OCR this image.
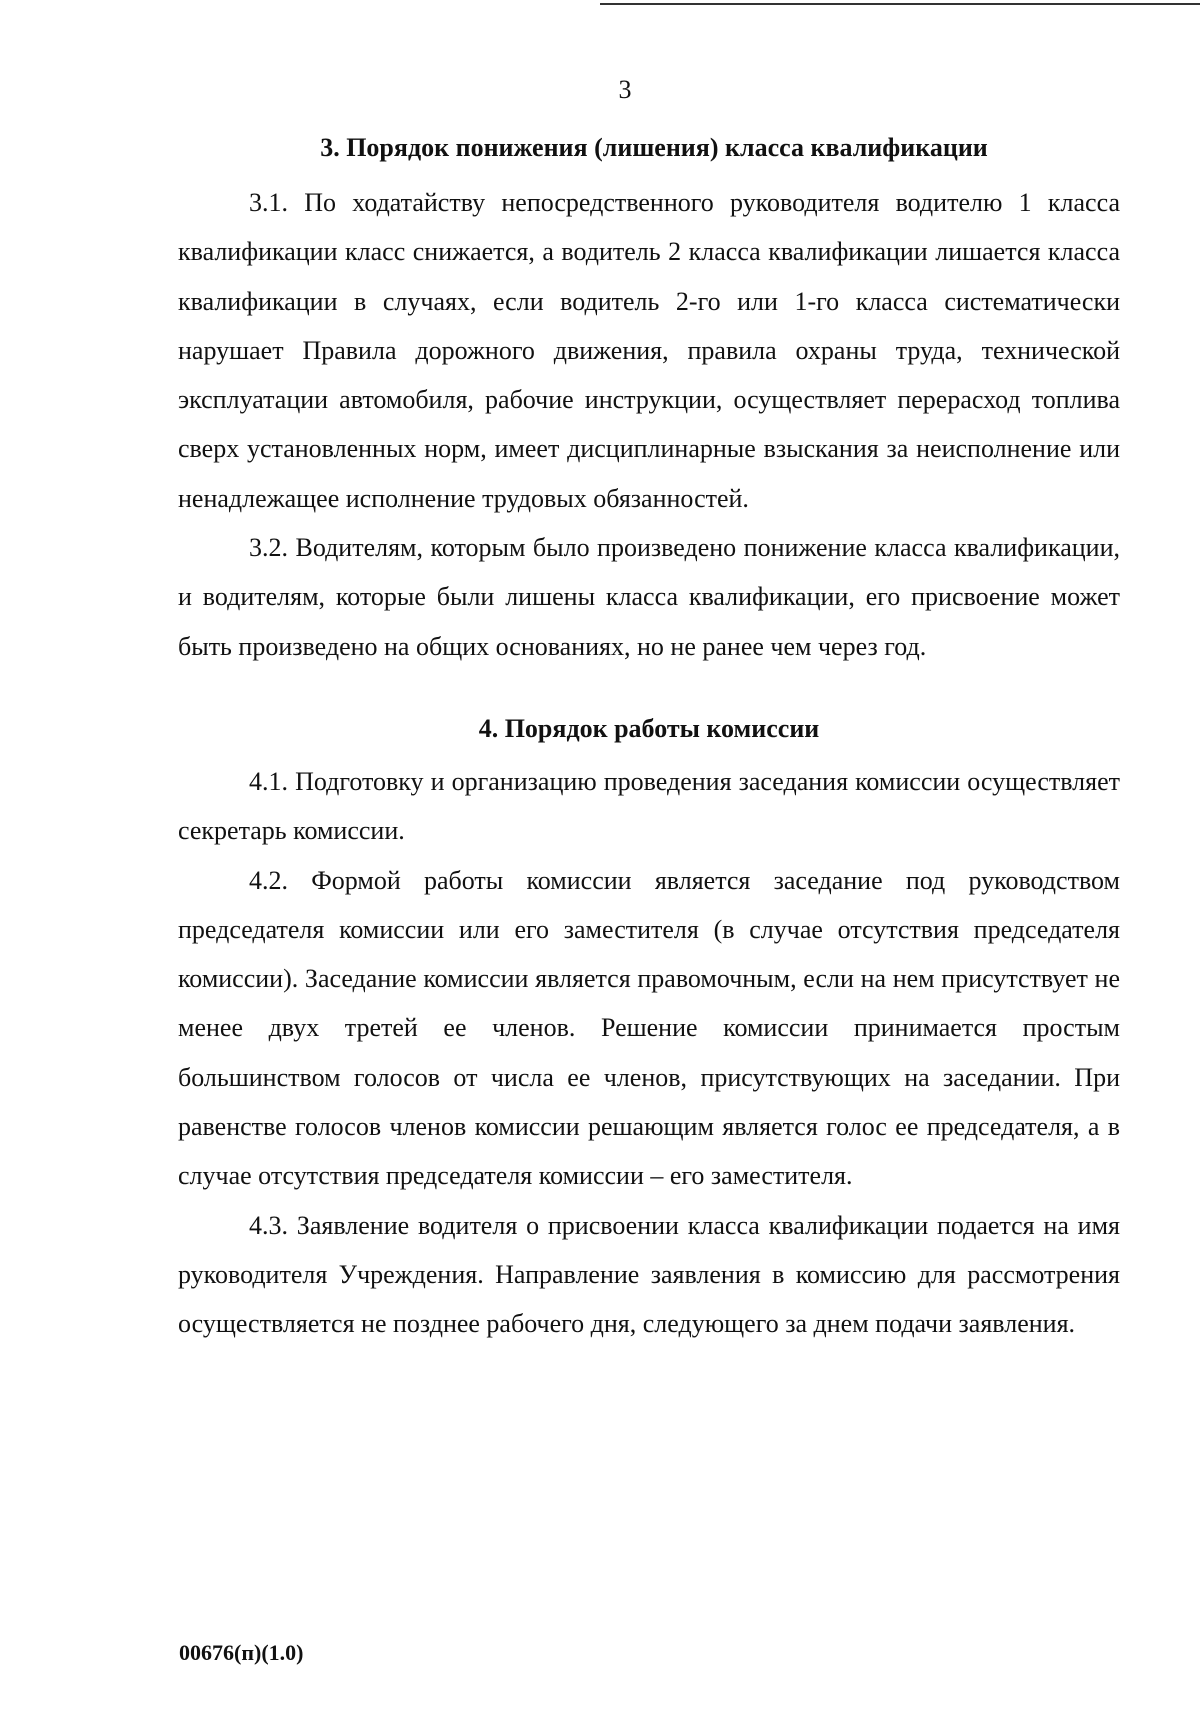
3
3. Порядок понижения (лишения) класса квалификации

3.1. По ходатайству непосредственного руководителя водителю 1 класса квалификации класс снижается, а водитель 2 класса квалификации лишается класса квалификации в случаях, если водитель 2-го или 1-го класса систематически нарушает Правила дорожного движения, правила охраны труда, технической эксплуатации автомобиля, рабочие инструкции, осуществляет перерасход топлива сверх установленных норм, имеет дисциплинарные взыскания за неисполнение или ненадлежащее исполнение трудовых обязанностей.

3.2. Водителям, которым было произведено понижение класса квалификации, и водителям, которые были лишены класса квалификации, его присвоение может быть произведено на общих основаниях, но не ранее чем через год.

4. Порядок работы комиссии

4.1. Подготовку и организацию проведения заседания комиссии осуществляет секретарь комиссии.

4.2. Формой работы комиссии является заседание под руководством председателя комиссии или его заместителя (в случае отсутствия председателя комиссии). Заседание комиссии является правомочным, если на нем присутствует не менее двух третей ее членов. Решение комиссии принимается простым большинством голосов от числа ее членов, присутствующих на заседании. При равенстве голосов членов комиссии решающим является голос ее председателя, а в случае отсутствия председателя комиссии – его заместителя.

4.3. Заявление водителя о присвоении класса квалификации подается на имя руководителя Учреждения. Направление заявления в комиссию для рассмотрения осуществляется не позднее рабочего дня, следующего за днем подачи заявления.

00676(п)(1.0)
